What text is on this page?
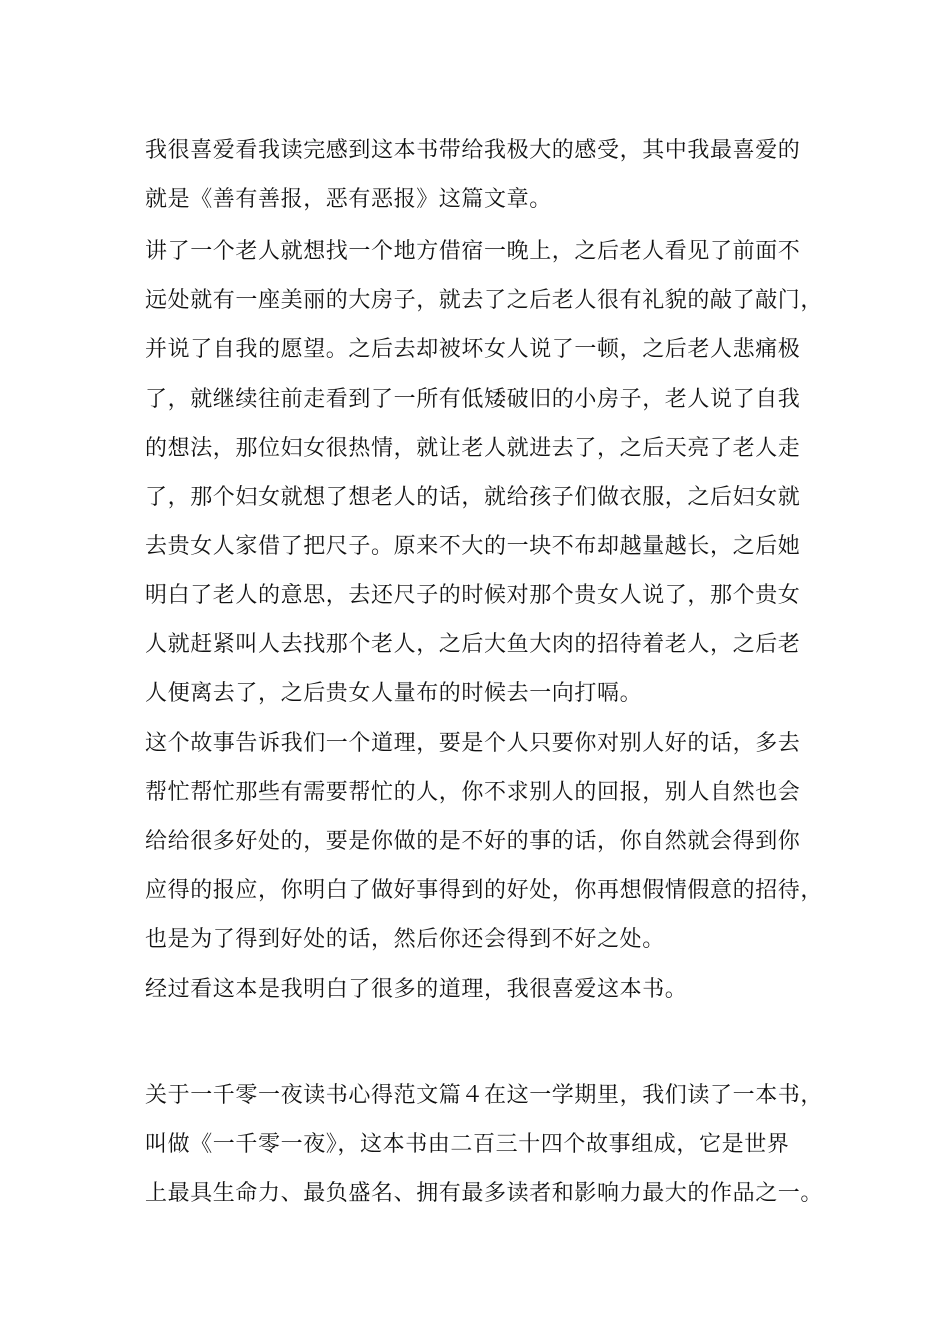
我很喜爱看我读完感到这本书带给我极大的感受，其中我最喜爱的
就是《善有善报，恶有恶报》这篇文章。
讲了一个老人就想找一个地方借宿一晚上，之后老人看见了前面不
远处就有一座美丽的大房子，就去了之后老人很有礼貌的敲了敲门，
并说了自我的愿望。之后去却被坏女人说了一顿，之后老人悲痛极
了，就继续往前走看到了一所有低矮破旧的小房子，老人说了自我
的想法，那位妇女很热情，就让老人就进去了，之后天亮了老人走
了，那个妇女就想了想老人的话，就给孩子们做衣服，之后妇女就
去贵女人家借了把尺子。原来不大的一块不布却越量越长，之后她
明白了老人的意思，去还尺子的时候对那个贵女人说了，那个贵女
人就赶紧叫人去找那个老人，之后大鱼大肉的招待着老人，之后老
人便离去了，之后贵女人量布的时候去一向打嗝。
这个故事告诉我们一个道理，要是个人只要你对别人好的话，多去
帮忙帮忙那些有需要帮忙的人，你不求别人的回报，别人自然也会
给给很多好处的，要是你做的是不好的事的话，你自然就会得到你
应得的报应，你明白了做好事得到的好处，你再想假情假意的招待，
也是为了得到好处的话，然后你还会得到不好之处。
经过看这本是我明白了很多的道理，我很喜爱这本书。
关于一千零一夜读书心得范文篇４在这一学期里，我们读了一本书，
叫做《一千零一夜》，这本书由二百三十四个故事组成，它是世界
上最具生命力、最负盛名、拥有最多读者和影响力最大的作品之一。
